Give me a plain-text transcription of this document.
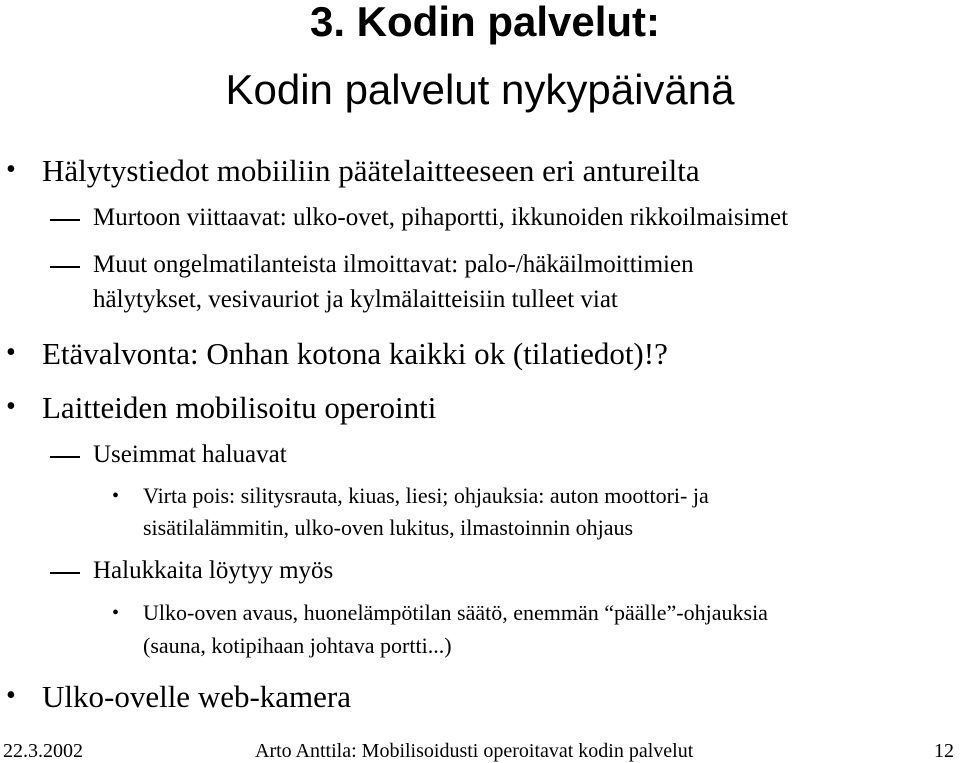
3. Kodin palvelut:
Kodin palvelut nykypäivänä
• Hälytystiedot mobiiliin päätelaitteeseen eri antureilta
Murtoon viittaavat: ulko-ovet, pihaportti, ikkunoiden rikkoilmaisimet
Muut ongelmatilanteista ilmoittavat: palo-/häkäilmoittimien
hälytykset, vesivauriot ja kylmälaitteisiin tulleet viat
• Etävalvonta: Onhan kotona kaikki ok (tilatiedot)!?
• Laitteiden mobilisoitu operointi
Useimmat haluavat
• Virta pois: silitysrauta, kiuas, liesi; ohjauksia: auton moottori- ja
sisätilalämmitin, ulko-oven lukitus, ilmastoinnin ohjaus
Halukkaita löytyy myös
• Ulko-oven avaus, huonelämpötilan säätö, enemmän “päälle”-ohjauksia
(sauna, kotipihaan johtava portti...)
• Ulko-ovelle web-kamera
22.3.2002	Arto Anttila: Mobilisoidusti operoitavat kodin palvelut	12
